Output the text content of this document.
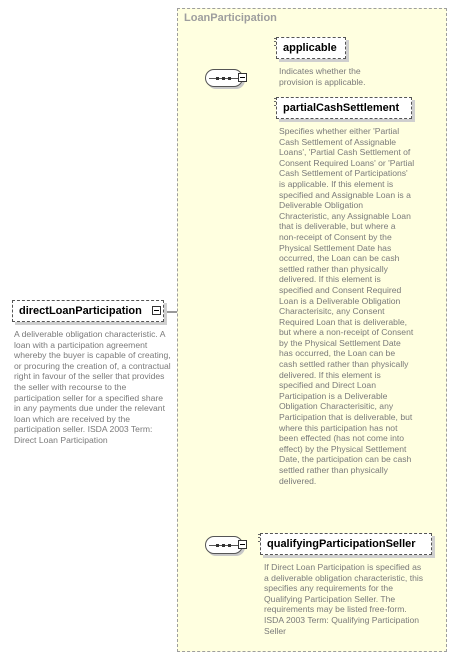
LoanParticipation
directLoanParticipation
A deliverable obligation characteristic. A loan with a participation agreement whereby the buyer is capable of creating, or procuring the creation of, a contractual right in favour of the seller that provides the seller with recourse to the participation seller for a specified share in any payments due under the relevant loan which are received by the participation seller. ISDA 2003 Term: Direct Loan Participation
applicable
Indicates whether the provision is applicable.
partialCashSettlement
Specifies whether either 'Partial Cash Settlement of Assignable Loans', 'Partial Cash Settlement of Consent Required Loans' or 'Partial Cash Settlement of Participations' is applicable. If this element is specified and Assignable Loan is a Deliverable Obligation Chracteristic, any Assignable Loan that is deliverable, but where a non-receipt of Consent by the Physical Settlement Date has occurred, the Loan can be cash settled rather than physically delivered. If this element is specified and Consent Required Loan is a Deliverable Obligation Characterisitc, any Consent Required Loan that is deliverable, but where a non-receipt of Consent by the Physical Settlement Date has occurred, the Loan can be cash settled rather than physically delivered. If this element is specified and Direct Loan Participation is a Deliverable Obligation Characterisitic, any Participation that is deliverable, but where this participation has not been effected (has not come into effect) by the Physical Settlement Date, the participation can be cash settled rather than physically delivered.
qualifyingParticipationSeller
If Direct Loan Participation is specified as a deliverable obligation characteristic, this specifies any requirements for the Qualifying Participation Seller. The requirements may be listed free-form. ISDA 2003 Term: Qualifying Participation Seller
